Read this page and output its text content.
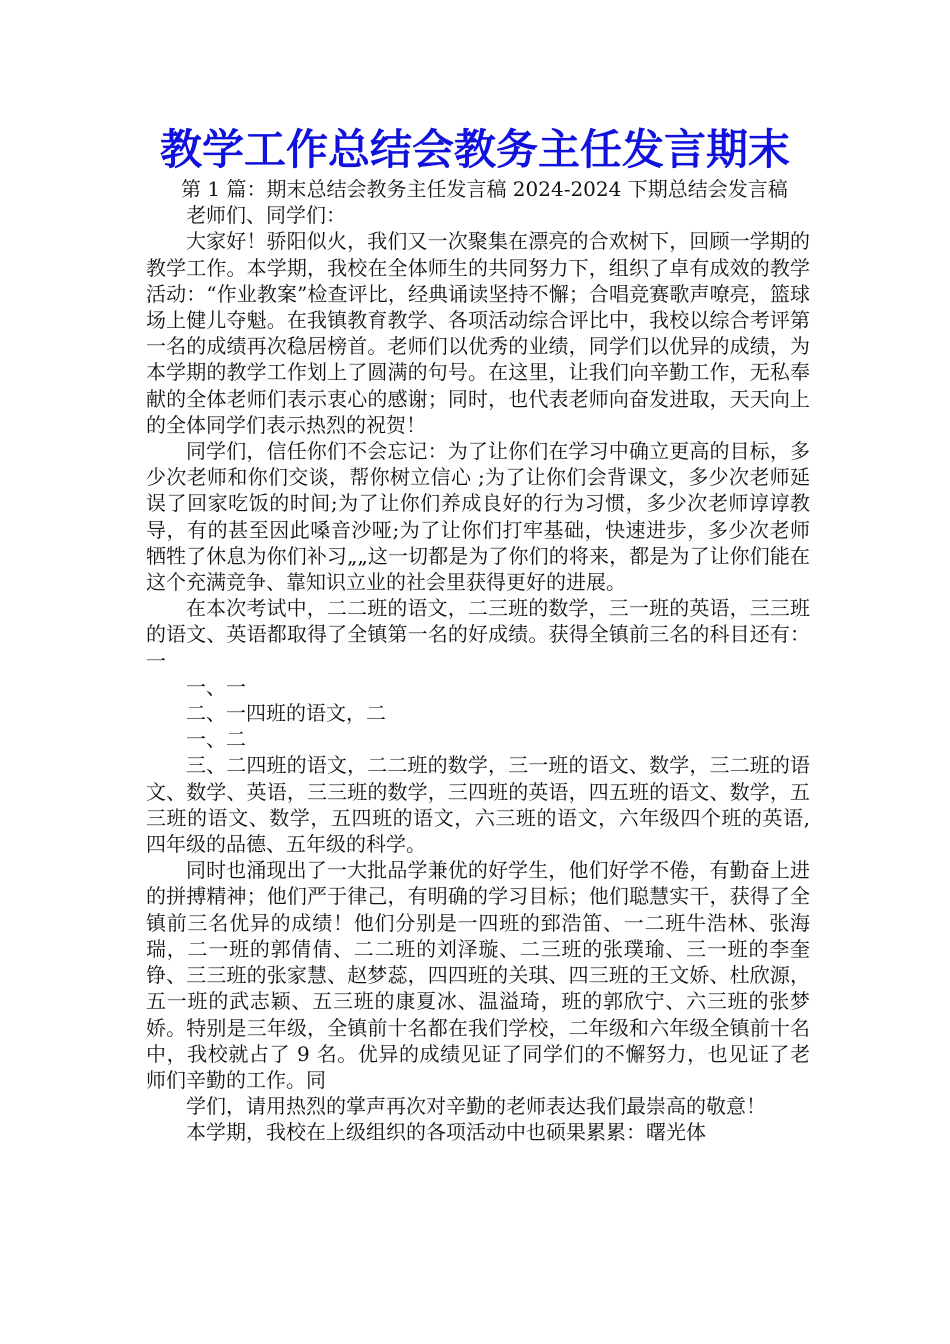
教学工作总结会教务主任发言期末

第 1 篇：期末总结会教务主任发言稿 2024-2024 下期总结会发言稿

老师们、同学们：

大家好！骄阳似火，我们又一次聚集在漂亮的合欢树下，回顾一学期的教学工作。本学期，我校在全体师生的共同努力下，组织了卓有成效的教学活动：“作业教案”检查评比，经典诵读坚持不懈；合唱竞赛歌声嘹亮，篮球场上健儿夺魁。在我镇教育教学、各项活动综合评比中，我校以综合考评第一名的成绩再次稳居榜首。老师们以优秀的业绩，同学们以优异的成绩，为本学期的教学工作划上了圆满的句号。在这里，让我们向辛勤工作，无私奉献的全体老师们表示衷心的感谢；同时，也代表老师向奋发进取，天天向上的全体同学们表示热烈的祝贺！

同学们，信任你们不会忘记：为了让你们在学习中确立更高的目标，多少次老师和你们交谈，帮你树立信心 ;为了让你们会背课文，多少次老师延误了回家吃饭的时间;为了让你们养成良好的行为习惯，多少次老师谆谆教导，有的甚至因此嗓音沙哑;为了让你们打牢基础，快速进步，多少次老师牺牲了休息为你们补习„„这一切都是为了你们的将来，都是为了让你们能在这个充满竞争、靠知识立业的社会里获得更好的进展。

在本次考试中，二二班的语文，二三班的数学，三一班的英语，三三班的语文、英语都取得了全镇第一名的好成绩。获得全镇前三名的科目还有：一

一、一

二、一四班的语文，二

一、二

三、二四班的语文，二二班的数学，三一班的语文、数学，三二班的语文、数学、英语，三三班的数学，三四班的英语，四五班的语文、数学，五三班的语文、数学，五四班的语文，六三班的语文，六年级四个班的英语,四年级的品德、五年级的科学。

同时也涌现出了一大批品学兼优的好学生，他们好学不倦，有勤奋上进的拼搏精神；他们严于律己，有明确的学习目标；他们聪慧实干，获得了全镇前三名优异的成绩！他们分别是一四班的郅浩笛、一二班牛浩林、张海瑞，二一班的郭倩倩、二二班的刘泽璇、二三班的张璞瑜、三一班的李奎铮、三三班的张家慧、赵梦蕊，四四班的关琪、四三班的王文娇、杜欣源，五一班的武志颖、五三班的康夏冰、温溢琦，班的郭欣宁、六三班的张梦娇。特别是三年级，全镇前十名都在我们学校，二年级和六年级全镇前十名中，我校就占了 9 名。优异的成绩见证了同学们的不懈努力，也见证了老师们辛勤的工作。同

学们，请用热烈的掌声再次对辛勤的老师表达我们最崇高的敬意！

本学期，我校在上级组织的各项活动中也硕果累累：曙光体
